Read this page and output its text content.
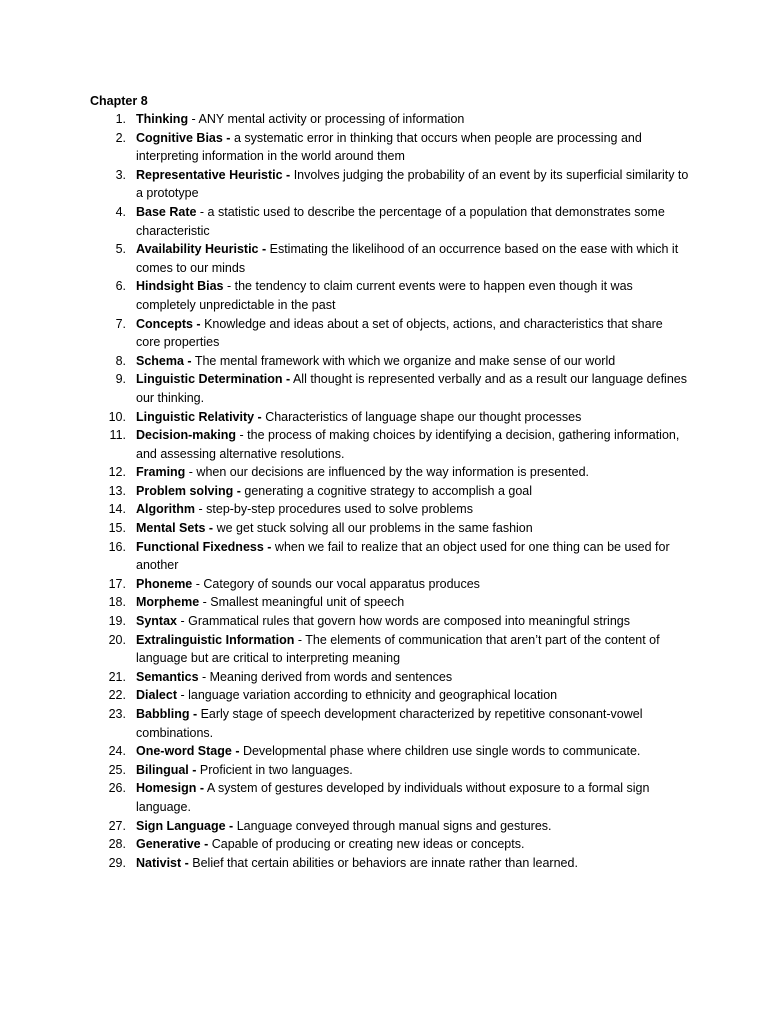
Chapter 8
1. Thinking - ANY mental activity or processing of information
2. Cognitive Bias - a systematic error in thinking that occurs when people are processing and interpreting information in the world around them
3. Representative Heuristic - Involves judging the probability of an event by its superficial similarity to a prototype
4. Base Rate - a statistic used to describe the percentage of a population that demonstrates some characteristic
5. Availability Heuristic - Estimating the likelihood of an occurrence based on the ease with which it comes to our minds
6. Hindsight Bias - the tendency to claim current events were to happen even though it was completely unpredictable in the past
7. Concepts - Knowledge and ideas about a set of objects, actions, and characteristics that share core properties
8. Schema - The mental framework with which we organize and make sense of our world
9. Linguistic Determination - All thought is represented verbally and as a result our language defines our thinking.
10. Linguistic Relativity - Characteristics of language shape our thought processes
11. Decision-making - the process of making choices by identifying a decision, gathering information, and assessing alternative resolutions.
12. Framing - when our decisions are influenced by the way information is presented.
13. Problem solving - generating a cognitive strategy to accomplish a goal
14. Algorithm - step-by-step procedures used to solve problems
15. Mental Sets - we get stuck solving all our problems in the same fashion
16. Functional Fixedness - when we fail to realize that an object used for one thing can be used for another
17. Phoneme - Category of sounds our vocal apparatus produces
18. Morpheme - Smallest meaningful unit of speech
19. Syntax - Grammatical rules that govern how words are composed into meaningful strings
20. Extralinguistic Information - The elements of communication that aren’t part of the content of language but are critical to interpreting meaning
21. Semantics - Meaning derived from words and sentences
22. Dialect - language variation according to ethnicity and geographical location
23. Babbling - Early stage of speech development characterized by repetitive consonant-vowel combinations.
24. One-word Stage - Developmental phase where children use single words to communicate.
25. Bilingual - Proficient in two languages.
26. Homesign - A system of gestures developed by individuals without exposure to a formal sign language.
27. Sign Language - Language conveyed through manual signs and gestures.
28. Generative - Capable of producing or creating new ideas or concepts.
29. Nativist - Belief that certain abilities or behaviors are innate rather than learned.
